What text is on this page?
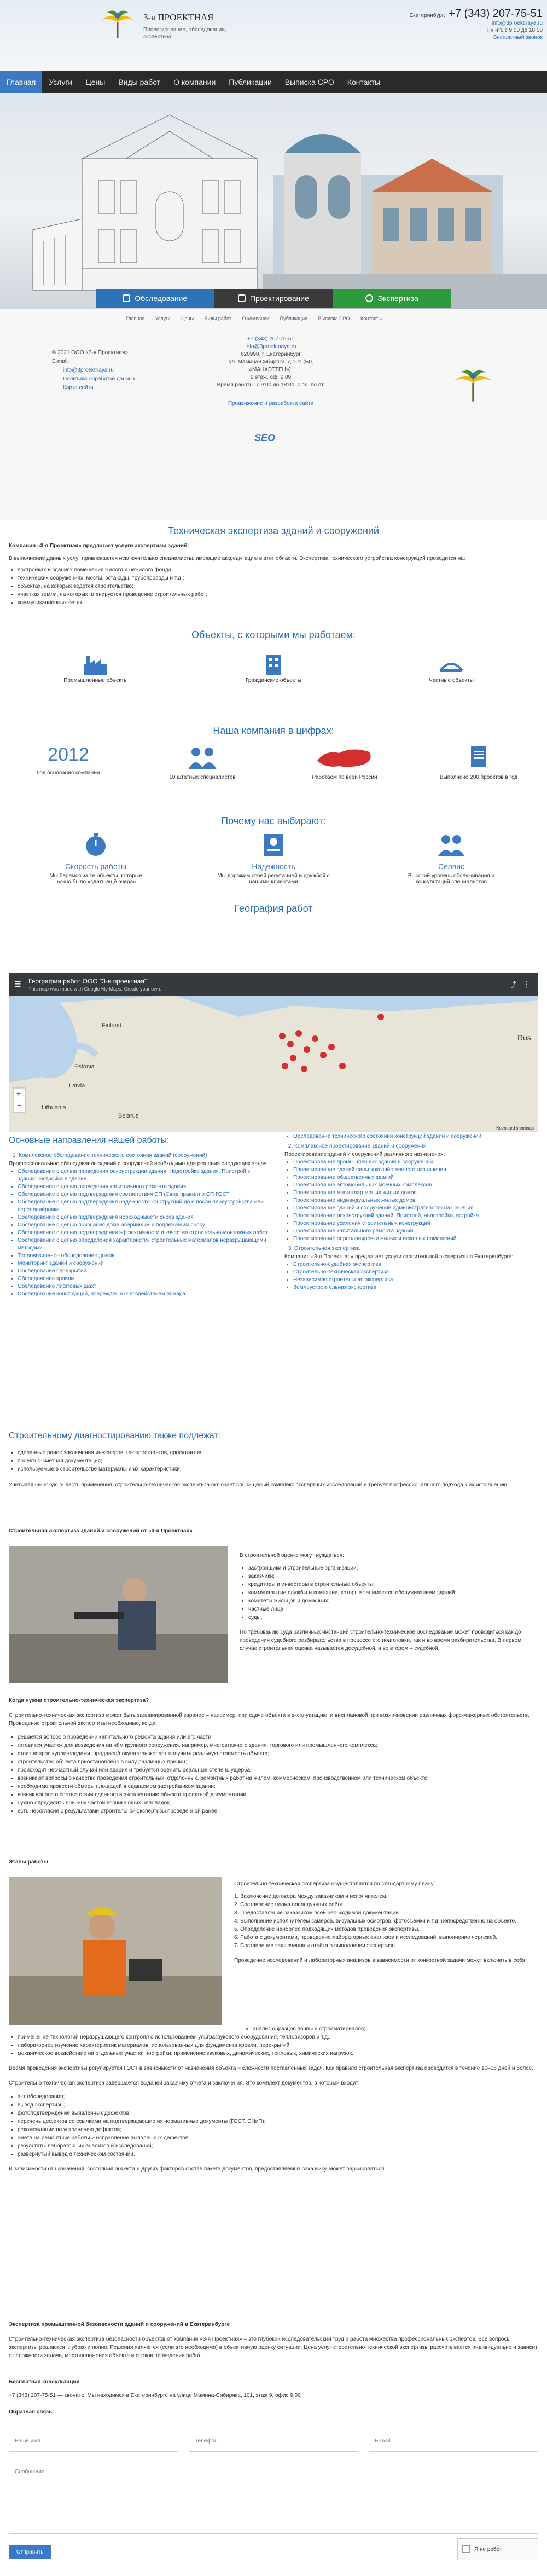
3-я ПРОЕКТНАЯ
Проектирование, обследование, экспертиза
Екатеринбург: +7 (343) 207-75-51
info@3proektnaya.ru
Пн.-пт. с 9.00 до 18.00
Бесплатный звонок
Главная	Услуги	Цены	Виды работ	О компании	Публикации	Выписка СРО	Контакты
Обследование	Проектирование	Экспертиза
Главная Услуги Цены Виды работ О компании Публикации Выписка СРО Контакты
© 2021 ООО «3-я Проектная»
E-mail:
info@3proektnaya.ru
Политика обработки данных
Карта сайта
+7 (343) 207-75-51
info@3proektnaya.ru
620990, г. Екатеринбург
ул. Мамина-Сибиряка, д.101 (БЦ «МАНХЭТТЕН»),
9 этаж, оф. 9.09
Время работы: с 9:00 до 18:00, с пн. по пт.
Продвижение и разработка сайта
SEO
Техническая экспертиза зданий и сооружений
Компания «3-я Проектная» предлагает услуги экспертизы зданий:
В выполнение данных услуг привлекаются исключительно специалисты, имеющие аккредитацию в этот области. Экспертиза технического устройства конструкций проводится на:
• постройках и зданиях помещения жилого и нежилого фонда;
• технических сооружениях: мосты, эстакады, трубопроводы и т.д.;
• объектах, на которых ведётся строительство;
• участках земли, на которых планируется проведение строительных работ,
• коммуникационных сетях.
Объекты, с которыми мы работаем:
Промышленные объекты	Гражданские объекты	Частные объекты
Наша компания в цифрах:
2012
Год основания компании
10 штатных специалистов	Работаем по всей России	Выполнено 200 проектов в год
Почему нас выбирают:
Скорость работы
Мы беремся за те объекты, которые нужно было «сдать ещё вчера»
Надежность
Мы дорожим своей репутацией и дружбой с нашими клиентами
Сервис
Высокий уровень обслуживания и консультаций специалистов
География работ
Finland
Estonia
Latvia
Lithuania
Belarus
Rus
☰ География работ ООО "3-я проектная"
This map was made with Google My Maps. Create your own.	⤴ ⋮
+
−
Keyboard shortcuts
Основные направления нашей работы:
1. Комплексное обследование технического состояния зданий (сооружений)
Профессиональное обследование зданий и сооружений необходимо для решения следующих задач:
• Обследование с целью проведения реконструкции здания. Надстройка здания. Пристрой к зданию. Встройка в здание
• Обследование с целью проведения капитального ремонта здания
• Обследование с целью подтверждения соответствия СП (Свод правил) и СП ГОСТ
• Обследование с целью подтверждения надёжности конструкций до и после переустройства или перепланировки
• Обследование с целью подтверждения необходимости сноса здания
• Обследование с целью признания дома аварийным и подлежащим сносу
• Обследование с целью подтверждения эффективности и качества строительно-монтажных работ
• Обследование с целью определения характеристик строительных материалов неразрушающими методами
• Тепловизионное обследование домов
• Мониторинг зданий и сооружений
• Обследование перекрытий
• Обследование кровли
• Обследование лифтовых шахт
• Обследование конструкций, поврежденных воздействием пожара
• Обследование технического состояния конструкций зданий и сооружений
2. Комплексное проектирование зданий и сооружений
Проектирование зданий и сооружений различного назначения:
• Проектирование промышленных зданий и сооружений
• Проектирование зданий сельскохозяйственного назначения
• Проектирование общественных зданий
• Проектирование автомобильных моечных комплексов
• Проектирование многоквартирных жилых домов
• Проектирование индивидуальных жилых домов
• Проектирование зданий и сооружений административного назначения
• Проектирование реконструкций зданий. Пристрой, надстройка, встройка
• Проектирование усиления строительных конструкций
• Проектирование капитального ремонта зданий
• Проектирование перепланировки жилых и нежилых помещений
3. Строительная экспертиза
Компания «3-я Проектная» предлагает услуги строительной экспертизы в Екатеринбурге:
• Строительно-судебная экспертиза
• Строительно-техническая экспертиза
• Независимая строительная экспертиза
• Землеустроительная экспертиза
Строительному диагностированию также подлежат:
• сделанные ранее заключения инженеров, глюпроектантов, проектантов;
• проектно-сметная документация;
• используемые в строительстве материалы и их характеристики.
Учитывая широкую область применения, строительно-техническая экспертиза включает собой целый комплекс экспертных исследований и требует профессионального подхода к их исполнению.
Строительная экспертиза зданий и сооружений от «3-я Проектная»
В строительной оценке могут нуждаться:
• застройщики и строительные организации;
• заказчики;
• кредиторы и инвесторы в строительные объекты;
• коммунальные службы и компании, которые занимаются обслуживанием зданий;
• комитеты жильцов и домашних;
• частные лица;
• суды.
По требованию суда различных инстанций строительно-техническое обследование может проводиться как до проведения судебного разбирательства в процессе его подготовки, так и во время разбирательства. В первом случае строительная оценка называется досудебной, а во втором – судебной.
Когда нужна строительно-техническая экспертиза?
Строительно-техническая экспертиза может быть запланированной заранее – например, при сдаче объекта в эксплуатацию, и внеплановой при возникновении различных форс-мажорных обстоятельств. Проведение строительной экспертизы необходимо, когда:
• решается вопрос о проведении капитального ремонта здания или его части;
• готовится участок для возведения на нём крупного сооружения, например, многоэтажного здания, торгового или промышленного комплекса;
• стоит вопрос купли-продажи, продавец/покупатель желает получить реальную стоимость объекта;
• строительство объекта приостановлено в силу различных причин;
• происходит несчастный случай или авария и требуется оценить реальные степень ущерба;
• возникают вопросы о качестве проведения строительных, отделочных, ремонтных работ на жилом, коммерческом, производственном или техническом объекте;
• необходимо провести обмеры площадей в сдаваемом застройщиком здании;
• возник вопрос о соответствии сданного в эксплуатацию объекта проектной документации;
• нужно определить причину частой возникающих неполадок;
• есть несогласие с результатами строительной экспертизы проведенной ранее.
Этапы работы
Строительно-техническая экспертиза осуществляется по стандартному плану:
1. Заключение договора между заказчиком и исполнителем.
2. Составление плана последующих работ.
3. Предоставление заказчиком всей необходимой документации.
4. Выполнение исполнителем замеров, визуальных осмотров, фотосъемки и т.д. непосредственно на объекте.
5. Определение наиболее подходящих методов проведения экспертизы.
6. Работа с документами, проведение лабораторных анализов и исследований, выполнение чертежей.
7. Составление заключения и отчёта о выполнении экспертизы.
Проведение исследований и лабораторных анализов в зависимости от конкретной задачи может включать в себя:
• анализ образцов почвы и стройматериалов;
• применение технологий неразрушающего контроля с использованием ультразвукового оборудования, тепловизоров и т.д.;
• лабораторное изучение характеристик материалов, использованных для фундамента кровли, перекрытий;
• механическое воздействие на отдельные участки постройки, применение звуковых, динамических, тепловых, химических нагрузок.
Время проведения экспертизы регулируется ГОСТ в зависимости от назначения объекта и сложности поставленных задач. Как правило строительная экспертиза проводится в течение 10–15 дней и более.
Строительно-техническая экспертиза завершается выдачей заказчику отчета и заключения. Это комплект документов, в который входит:
• акт обследования;
• вывод экспертизы;
• фотоподтверждение выявленных дефектов;
• перечень дефектов со ссылками на подтверждающие их нормативные документы (ГОСТ, СНиП);
• рекомендации по устранению дефектов;
• смета на ремонтные работы и исправление выявленных дефектов;
• результаты лабораторных анализов и исследований;
• развёрнутый вывод о техническом состоянии.
В зависимости от назначения, состояния объекта и других факторов состав пакета документов, предоставляемых заказчику, может варьироваться.
Экспертиза промышленной безопасности зданий и сооружений в Екатеринбурге
Строительно-техническая экспертиза безопасности объектов от компании «3-я Проектная» – это глубокий исследовательский труд и работа множества профессиональных экспертов. Все вопросы экспертизы решаются глубоко и полно. Решения являются (если это необходимо) в объективную оценку ситуации. Цена услуг строительно-технической экспертизы рассчитывается индивидуально и зависит от сложности задачи, местоположения объекта и сроков проведения работ.
Бесплатная консультация
+7 (343) 207-75-51 — звоните. Мы находимся в Екатеринбурге на улице Мамина-Сибиряка, 101, этаж 9, офис 9.09
Обратная связь
Ваше имя
Телефон
E-mail
Сообщение
Отправить	Я не робот
